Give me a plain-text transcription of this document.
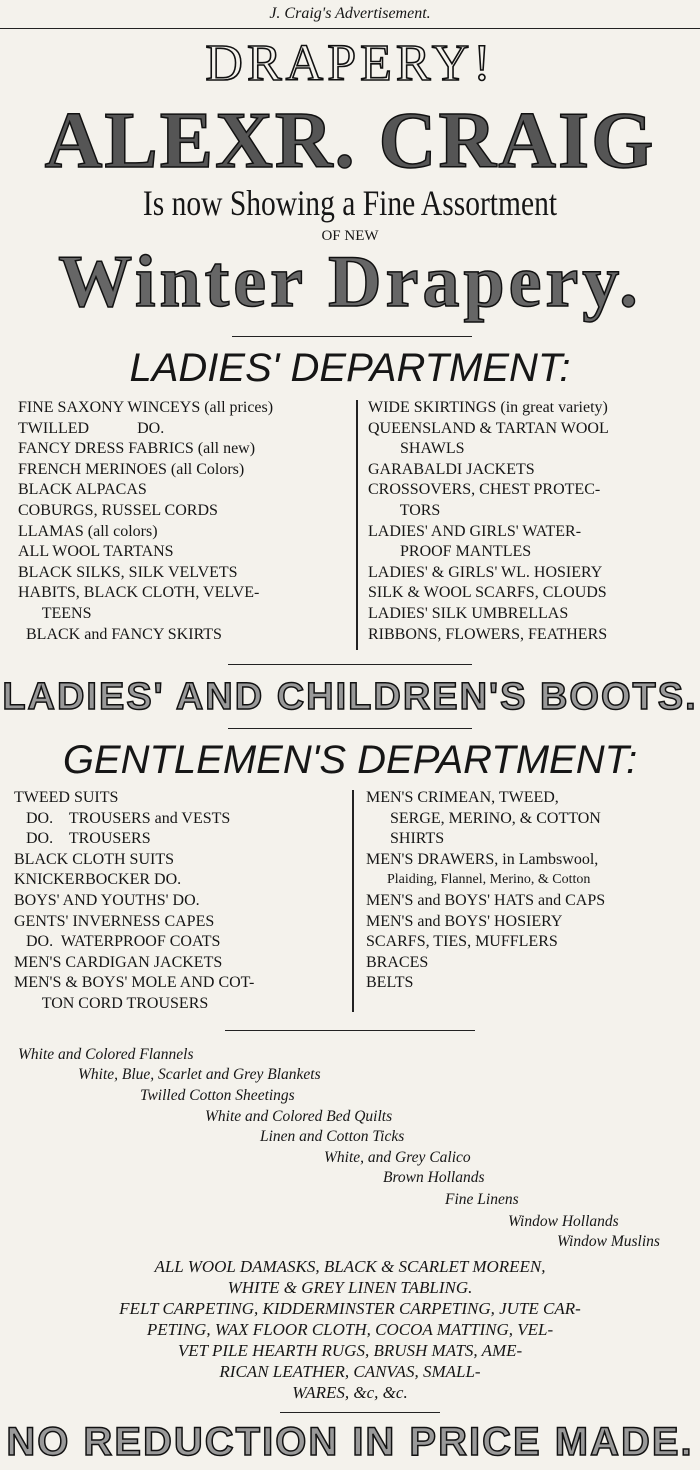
J. Craig's Advertisement.
DRAPERY!
ALEXR. CRAIG
Is now Showing a Fine Assortment
OF NEW
Winter Drapery.
LADIES' DEPARTMENT:
FINE SAXONY WINCEYS (all prices)
TWILLED            DO.
FANCY DRESS FABRICS (all new)
FRENCH MERINOES (all Colors)
BLACK ALPACAS
COBURGS, RUSSEL CORDS
LLAMAS (all colors)
ALL WOOL TARTANS
BLACK SILKS, SILK VELVETS
HABITS, BLACK CLOTH, VELVE-
TEENS
BLACK and FANCY SKIRTS
WIDE SKIRTINGS (in great variety)
QUEENSLAND & TARTAN WOOL
SHAWLS
GARABALDI JACKETS
CROSSOVERS, CHEST PROTEC-
TORS
LADIES' AND GIRLS' WATER-
PROOF MANTLES
LADIES' & GIRLS' WL. HOSIERY
SILK & WOOL SCARFS, CLOUDS
LADIES' SILK UMBRELLAS
RIBBONS, FLOWERS, FEATHERS
LADIES' AND CHILDREN'S BOOTS.
GENTLEMEN'S DEPARTMENT:
TWEED SUITS
DO.    TROUSERS and VESTS
DO.    TROUSERS
BLACK CLOTH SUITS
KNICKERBOCKER DO.
BOYS' AND YOUTHS' DO.
GENTS' INVERNESS CAPES
DO.  WATERPROOF COATS
MEN'S CARDIGAN JACKETS
MEN'S & BOYS' MOLE AND COT-
TON CORD TROUSERS
MEN'S CRIMEAN, TWEED,
SERGE, MERINO, & COTTON
SHIRTS
MEN'S DRAWERS, in Lambswool,
Plaiding, Flannel, Merino, & Cotton
MEN'S and BOYS' HATS and CAPS
MEN'S and BOYS' HOSIERY
SCARFS, TIES, MUFFLERS
BRACES
BELTS
White and Colored Flannels
White, Blue, Scarlet and Grey Blankets
Twilled Cotton Sheetings
White and Colored Bed Quilts
Linen and Cotton Ticks
White, and Grey Calico
Brown Hollands
Fine Linens
Window Hollands
Window Muslins
ALL WOOL DAMASKS, BLACK & SCARLET MOREEN,
WHITE & GREY LINEN TABLING.
FELT CARPETING, KIDDERMINSTER CARPETING, JUTE CAR-
PETING, WAX FLOOR CLOTH, COCOA MATTING, VEL-
VET PILE HEARTH RUGS, BRUSH MATS, AME-
RICAN LEATHER, CANVAS, SMALL-
WARES, &c, &c.
NO REDUCTION IN PRICE MADE.
